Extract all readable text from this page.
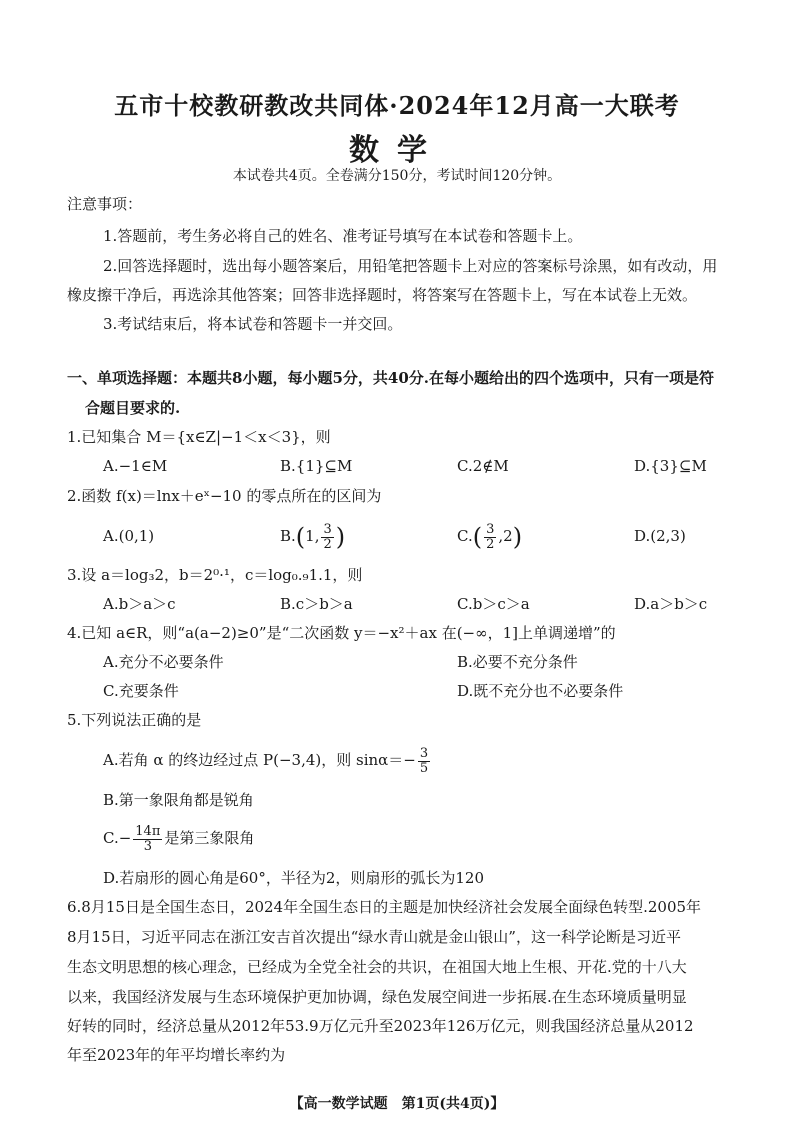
五市十校教研教改共同体·2024年12月高一大联考
数学
本试卷共4页。全卷满分150分，考试时间120分钟。
注意事项：
1.答题前，考生务必将自己的姓名、准考证号填写在本试卷和答题卡上。
2.回答选择题时，选出每小题答案后，用铅笔把答题卡上对应的答案标号涂黑，如有改动，用
橡皮擦干净后，再选涂其他答案；回答非选择题时，将答案写在答题卡上，写在本试卷上无效。
3.考试结束后，将本试卷和答题卡一并交回。
一、单项选择题：本题共8小题，每小题5分，共40分.在每小题给出的四个选项中，只有一项是符
合题目要求的.
1.已知集合 M＝{x∈Z|−1＜x＜3}，则
A.−1∈M	B.{1}⊆M	C.2∉M	D.{3}⊆M
2.函数 f(x)＝lnx＋eˣ−10 的零点所在的区间为
A.(0,1)	B.(1, $\frac{3}{2}$ )	$C.( \frac{3}{2} ,2)$	D.(2,3)
3.设 a＝log₃2，b＝2⁰·¹，c＝log₀.₉1.1，则
A.b＞a＞c	B.c＞b＞a	C.b＞c＞a	D.a＞b＞c
4.已知 a∈R，则“a(a−2)≥0”是“二次函数 y＝−x²＋ax 在(−∞，1]上单调递增”的
A.充分不必要条件	B.必要不充分条件
C.充要条件	D.既不充分也不必要条件
5.下列说法正确的是
A.若角 α 的终边经过点 P(−3,4)，则 $\sin\alpha=- \frac{3}{5}$
B.第一象限角都是锐角
$C.- \frac{14\pi}{3}$ 是第三象限角
D.若扇形的圆心角是60°，半径为2，则扇形的弧长为120
6.8月15日是全国生态日，2024年全国生态日的主题是加快经济社会发展全面绿色转型.2005年
8月15日，习近平同志在浙江安吉首次提出“绿水青山就是金山银山”，这一科学论断是习近平
生态文明思想的核心理念，已经成为全党全社会的共识，在祖国大地上生根、开花.党的十八大
以来，我国经济发展与生态环境保护更加协调，绿色发展空间进一步拓展.在生态环境质量明显
好转的同时，经济总量从2012年53.9万亿元升至2023年126万亿元，则我国经济总量从2012
年至2023年的年平均增长率约为
【高一数学试题　第1页(共4页)】
